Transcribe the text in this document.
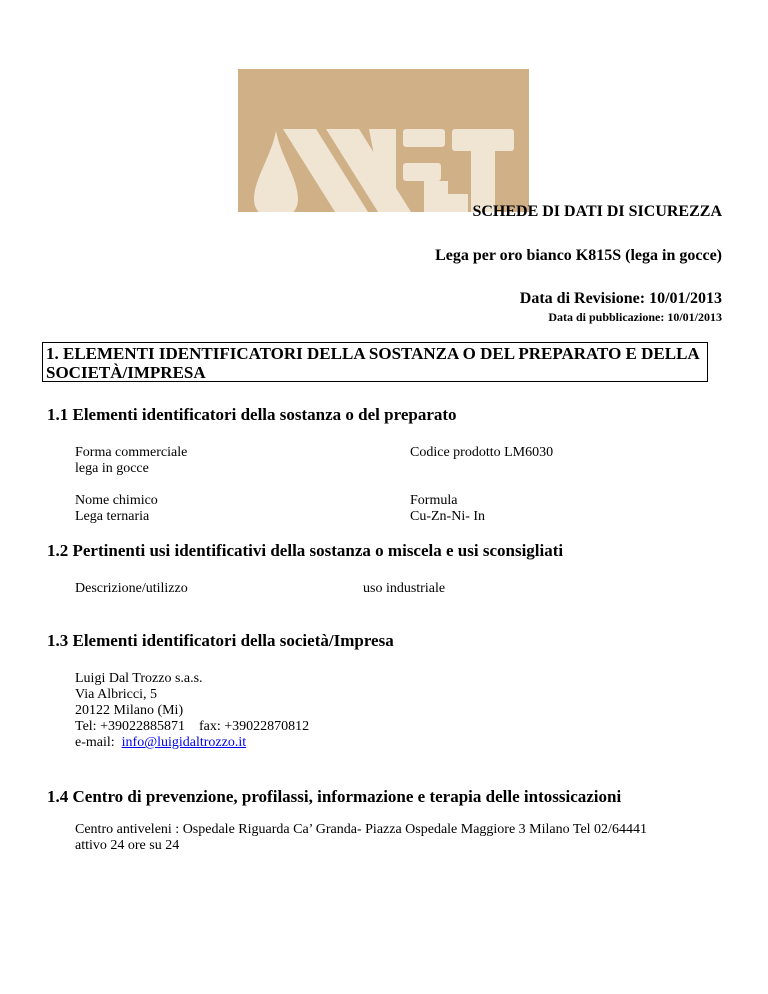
SCHEDE DI DATI DI SICUREZZA
Lega per oro bianco K815S (lega in gocce)
Data di Revisione: 10/01/2013
Data di pubblicazione: 10/01/2013
1. ELEMENTI IDENTIFICATORI DELLA SOSTANZA O DEL PREPARATO E DELLA SOCIETÀ/IMPRESA
1.1 Elementi identificatori della sostanza o del preparato
Forma commerciale
lega in gocce
Codice prodotto LM6030
Nome chimico
Lega ternaria
Formula
Cu-Zn-Ni- In
1.2 Pertinenti usi identificativi della sostanza o miscela e usi sconsigliati
Descrizione/utilizzo	uso industriale
1.3 Elementi identificatori della società/Impresa
Luigi Dal Trozzo s.a.s.
Via Albricci, 5
20122 Milano (Mi)
Tel: +39022885871 fax: +39022870812
e-mail: info@luigidaltrozzo.it
1.4 Centro di prevenzione, profilassi, informazione e terapia delle intossicazioni
Centro antiveleni : Ospedale Riguarda Ca’ Granda- Piazza Ospedale Maggiore 3 Milano Tel 02/64441
attivo 24 ore su 24
